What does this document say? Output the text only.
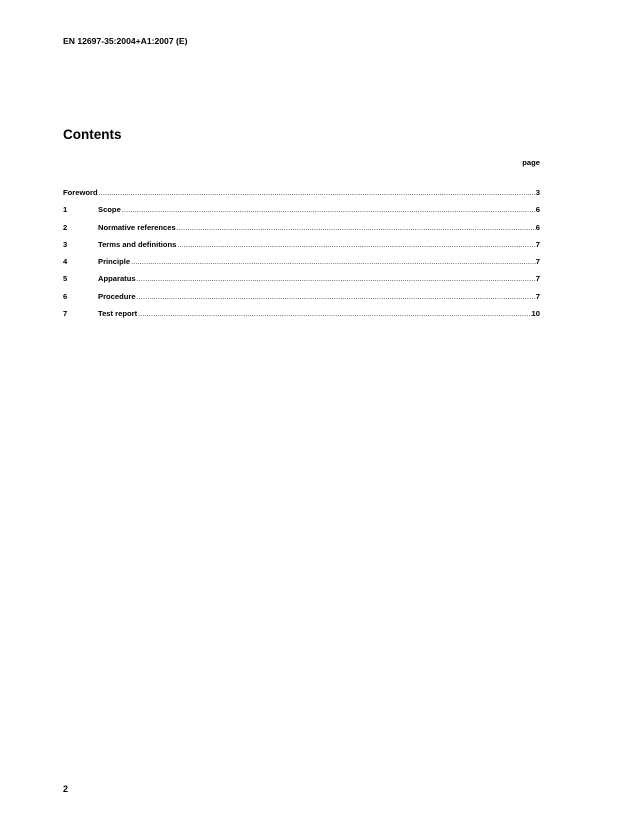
EN 12697-35:2004+A1:2007 (E)
Contents
page
Foreword .....	3
1	Scope .....	6
2	Normative references .....	6
3	Terms and definitions .....	7
4	Principle .....	7
5	Apparatus .....	7
6	Procedure .....	7
7	Test report .....	10
2
